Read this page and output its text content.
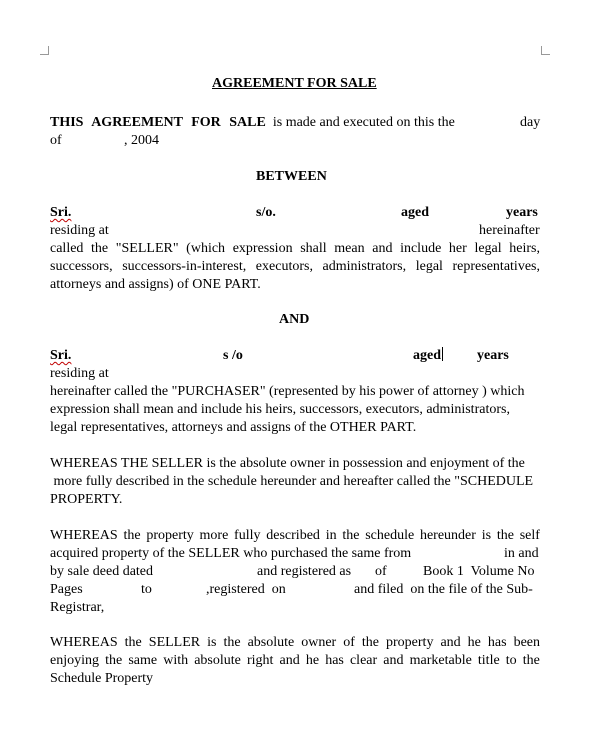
AGREEMENT FOR SALE
THIS AGREEMENT FOR SALE is made and executed on this the	day
of	, 2004
BETWEEN
Sri.	s/o.	aged	years
residing at	hereinafter
called the "SELLER" (which expression shall mean and include her legal heirs,
successors, successors-in-interest, executors, administrators, legal representatives,
attorneys and assigns) of ONE PART.
AND
Sri.	s /o	aged	years
residing at
hereinafter called the "PURCHASER" (represented by his power of attorney ) which
expression shall mean and include his heirs, successors, executors, administrators,
legal representatives, attorneys and assigns of the OTHER PART.
WHEREAS THE SELLER is the absolute owner in possession and enjoyment of the
more fully described in the schedule hereunder and hereafter called the "SCHEDULE
PROPERTY.
WHEREAS the property more fully described in the schedule hereunder is the self
acquired property of the SELLER who purchased the same from	in and
by sale deed dated	and registered as of	Book 1  Volume No
Pages	to	,registered  on	and filed  on the file of the Sub-
Registrar,
WHEREAS the SELLER is the absolute owner of the property and he has been
enjoying the same with absolute right and he has clear and marketable title to the
Schedule Property
